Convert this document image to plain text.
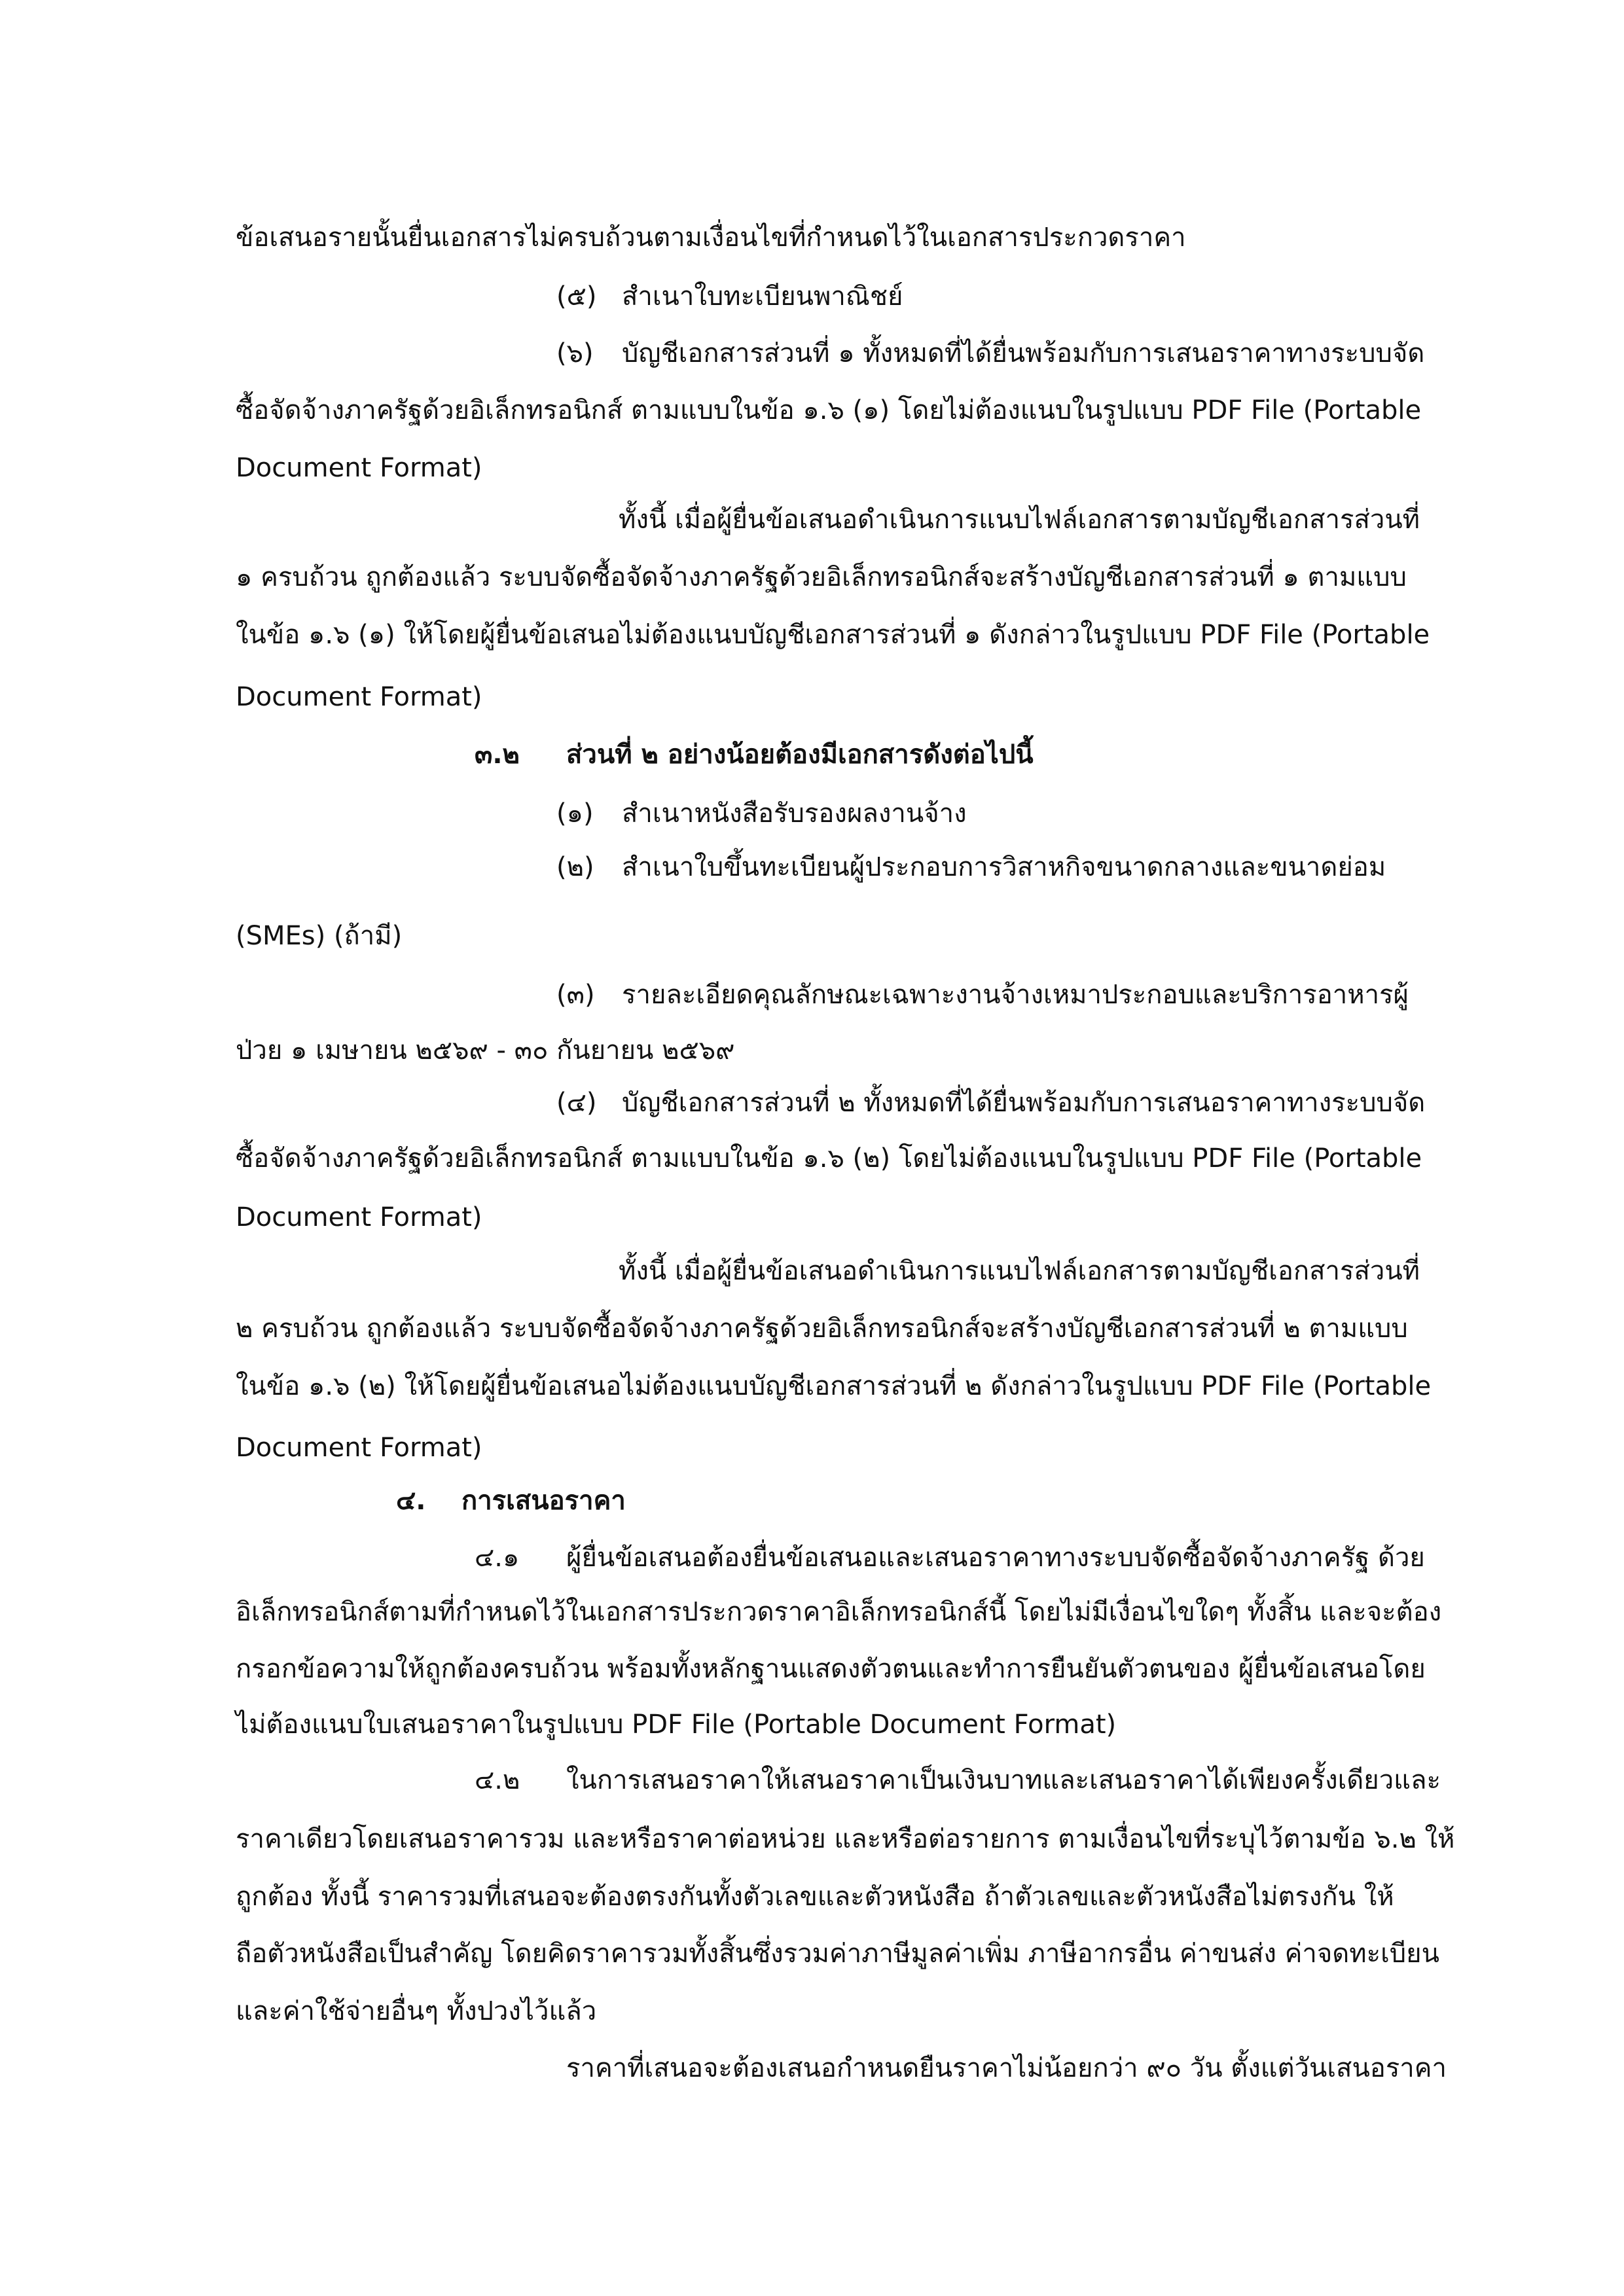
ข้อเสนอรายนั้นยื่นเอกสารไม่ครบถ้วนตามเงื่อนไขที่กำหนดไว้ในเอกสารประกวดราคา
(๕) สำเนาใบทะเบียนพาณิชย์
(๖) บัญชีเอกสารส่วนที่ ๑ ทั้งหมดที่ได้ยื่นพร้อมกับการเสนอราคาทางระบบจัด
ซื้อจัดจ้างภาครัฐด้วยอิเล็กทรอนิกส์ ตามแบบในข้อ ๑.๖ (๑) โดยไม่ต้องแนบในรูปแบบ PDF File (Portable
Document Format)
ทั้งนี้ เมื่อผู้ยื่นข้อเสนอดำเนินการแนบไฟล์เอกสารตามบัญชีเอกสารส่วนที่
๑ ครบถ้วน ถูกต้องแล้ว ระบบจัดซื้อจัดจ้างภาครัฐด้วยอิเล็กทรอนิกส์จะสร้างบัญชีเอกสารส่วนที่ ๑ ตามแบบ
ในข้อ ๑.๖ (๑) ให้โดยผู้ยื่นข้อเสนอไม่ต้องแนบบัญชีเอกสารส่วนที่ ๑ ดังกล่าวในรูปแบบ PDF File (Portable
Document Format)
๓.๒ ส่วนที่ ๒ อย่างน้อยต้องมีเอกสารดังต่อไปนี้
(๑) สำเนาหนังสือรับรองผลงานจ้าง
(๒) สำเนาใบขึ้นทะเบียนผู้ประกอบการวิสาหกิจขนาดกลางและขนาดย่อม
(SMEs) (ถ้ามี)
(๓) รายละเอียดคุณลักษณะเฉพาะงานจ้างเหมาประกอบและบริการอาหารผู้
ป่วย ๑ เมษายน ๒๕๖๙ - ๓๐ กันยายน ๒๕๖๙
(๔) บัญชีเอกสารส่วนที่ ๒ ทั้งหมดที่ได้ยื่นพร้อมกับการเสนอราคาทางระบบจัด
ซื้อจัดจ้างภาครัฐด้วยอิเล็กทรอนิกส์ ตามแบบในข้อ ๑.๖ (๒) โดยไม่ต้องแนบในรูปแบบ PDF File (Portable
Document Format)
ทั้งนี้ เมื่อผู้ยื่นข้อเสนอดำเนินการแนบไฟล์เอกสารตามบัญชีเอกสารส่วนที่
๒ ครบถ้วน ถูกต้องแล้ว ระบบจัดซื้อจัดจ้างภาครัฐด้วยอิเล็กทรอนิกส์จะสร้างบัญชีเอกสารส่วนที่ ๒ ตามแบบ
ในข้อ ๑.๖ (๒) ให้โดยผู้ยื่นข้อเสนอไม่ต้องแนบบัญชีเอกสารส่วนที่ ๒ ดังกล่าวในรูปแบบ PDF File (Portable
Document Format)
๔. การเสนอราคา
๔.๑ ผู้ยื่นข้อเสนอต้องยื่นข้อเสนอและเสนอราคาทางระบบจัดซื้อจัดจ้างภาครัฐ ด้วย
อิเล็กทรอนิกส์ตามที่กำหนดไว้ในเอกสารประกวดราคาอิเล็กทรอนิกส์นี้ โดยไม่มีเงื่อนไขใดๆ ทั้งสิ้น และจะต้อง
กรอกข้อความให้ถูกต้องครบถ้วน พร้อมทั้งหลักฐานแสดงตัวตนและทำการยืนยันตัวตนของ ผู้ยื่นข้อเสนอโดย
ไม่ต้องแนบใบเสนอราคาในรูปแบบ PDF File (Portable Document Format)
๔.๒ ในการเสนอราคาให้เสนอราคาเป็นเงินบาทและเสนอราคาได้เพียงครั้งเดียวและ
ราคาเดียวโดยเสนอราคารวม และหรือราคาต่อหน่วย และหรือต่อรายการ ตามเงื่อนไขที่ระบุไว้ตามข้อ ๖.๒ ให้
ถูกต้อง ทั้งนี้ ราคารวมที่เสนอจะต้องตรงกันทั้งตัวเลขและตัวหนังสือ ถ้าตัวเลขและตัวหนังสือไม่ตรงกัน ให้
ถือตัวหนังสือเป็นสำคัญ โดยคิดราคารวมทั้งสิ้นซึ่งรวมค่าภาษีมูลค่าเพิ่ม ภาษีอากรอื่น ค่าขนส่ง ค่าจดทะเบียน
และค่าใช้จ่ายอื่นๆ ทั้งปวงไว้แล้ว
ราคาที่เสนอจะต้องเสนอกำหนดยืนราคาไม่น้อยกว่า ๙๐ วัน ตั้งแต่วันเสนอราคา
